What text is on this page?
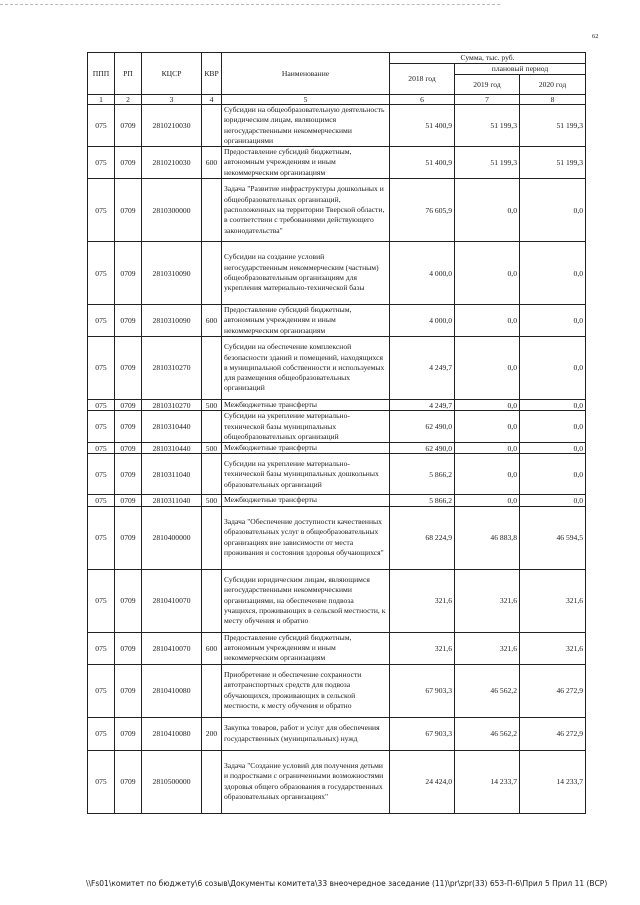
62
ППП	РП	КЦСР	КВР	Наименование	Сумма, тыс. руб.		
					2018 год	плановый период	
						2019 год	2020 год
1	2	3	4	5	6	7	8
075	0709	2810210030		Субсидии на общеобразовательную деятельность юридическим лицам, являющимся негосударственными некоммерческими организациями	51 400,9	51 199,3	51 199,3
075	0709	2810210030	600	Предоставление субсидий бюджетным, автономным учреждениям и иным некоммерческим организациям	51 400,9	51 199,3	51 199,3
075	0709	2810300000		Задача "Развитие инфраструктуры дошкольных и общеобразовательных организаций, расположенных на территории Тверской области, в соответствии с требованиями действующего законодательства"	76 605,9	0,0	0,0
075	0709	2810310090		Субсидии на создание условий негосударственным некоммерческим (частным) общеобразовательным организациям для укрепления материально-технической базы	4 000,0	0,0	0,0
075	0709	2810310090	600	Предоставление субсидий бюджетным, автономным учреждениям и иным некоммерческим организациям	4 000,0	0,0	0,0
075	0709	2810310270		Субсидии на обеспечение комплексной безопасности зданий и помещений, находящихся в муниципальной собственности и используемых для размещения общеобразовательных организаций	4 249,7	0,0	0,0
075	0709	2810310270	500	Межбюджетные трансферты	4 249,7	0,0	0,0
075	0709	2810310440		Субсидии на укрепление материально-технической базы муниципальных общеобразовательных организаций	62 490,0	0,0	0,0
075	0709	2810310440	500	Межбюджетные трансферты	62 490,0	0,0	0,0
075	0709	2810311040		Субсидии на укрепление материально-технической базы муниципальных дошкольных образовательных организаций	5 866,2	0,0	0,0
075	0709	2810311040	500	Межбюджетные трансферты	5 866,2	0,0	0,0
075	0709	2810400000		Задача "Обеспечение доступности качественных образовательных услуг в общеобразовательных организациях вне зависимости от места проживания и состояния здоровья обучающихся"	68 224,9	46 883,8	46 594,5
075	0709	2810410070		Субсидии юридическим лицам, являющимся негосударственными некоммерческими организациями, на обеспечение подвоза учащихся, проживающих в сельской местности, к месту обучения и обратно	321,6	321,6	321,6
075	0709	2810410070	600	Предоставление субсидий бюджетным, автономным учреждениям и иным некоммерческим организациям	321,6	321,6	321,6
075	0709	2810410080		Приобретение и обеспечение сохранности автотранспортных средств для подвоза обучающихся, проживающих в сельской местности, к месту обучения и обратно	67 903,3	46 562,2	46 272,9
075	0709	2810410080	200	Закупка товаров, работ и услуг для обеспечения государственных (муниципальных) нужд	67 903,3	46 562,2	46 272,9
075	0709	2810500000		Задача "Создание условий для получения детьми и подростками с ограниченными возможностями здоровья общего образования в государственных образовательных организациях"	24 424,0	14 233,7	14 233,7
\\Fs01\комитет по бюджету\6 созыв\Документы комитета\33 внеочередное заседание (11)\pr\zpr(33) 653-П-6\Прил 5 Прил 11 (ВСР)
